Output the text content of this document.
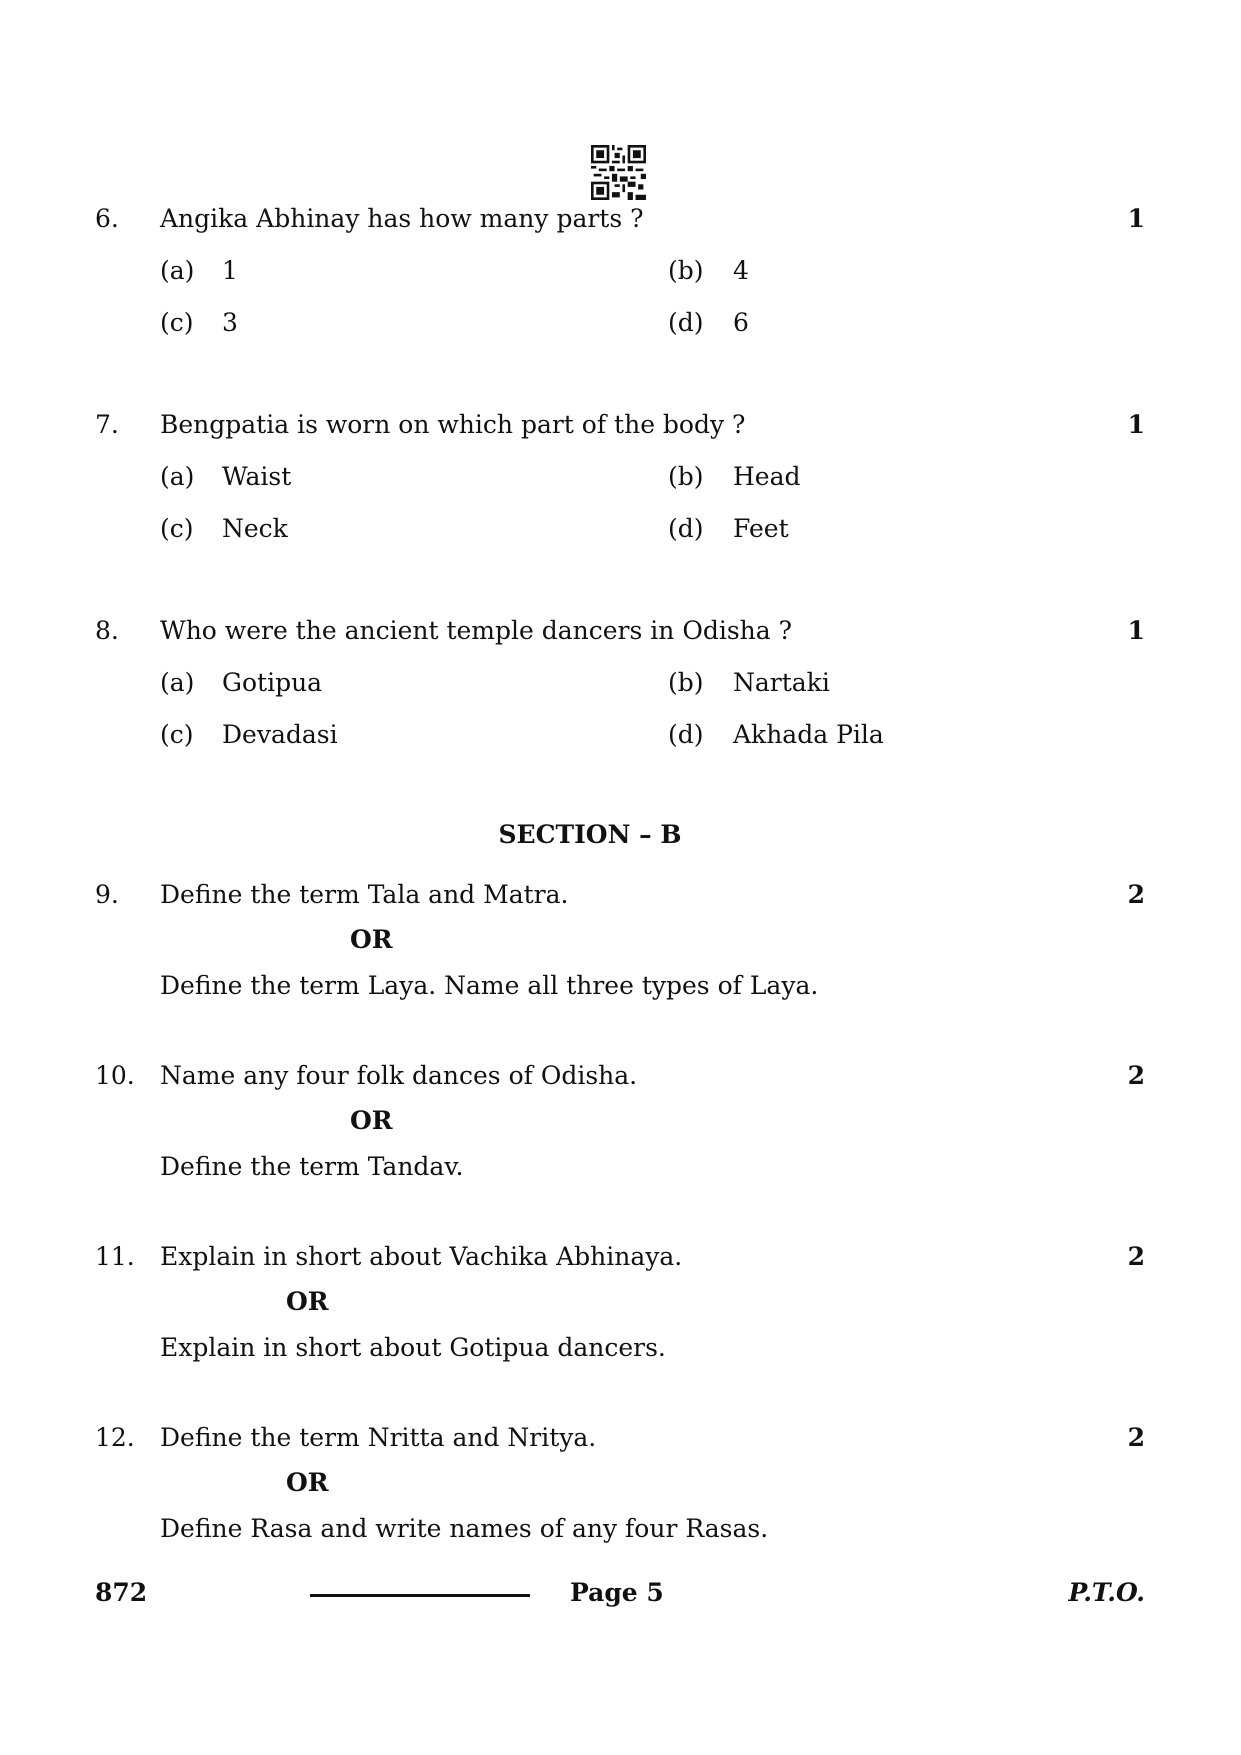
6. Angika Abhinay has how many parts ?	1
(a) 1	(b) 4
(c) 3	(d) 6
7. Bengpatia is worn on which part of the body ?	1
(a) Waist	(b) Head
(c) Neck	(d) Feet
8. Who were the ancient temple dancers in Odisha ?	1
(a) Gotipua	(b) Nartaki
(c) Devadasi	(d) Akhada Pila
SECTION – B
9. Define the term Tala and Matra.	2
OR
Define the term Laya. Name all three types of Laya.
10. Name any four folk dances of Odisha.	2
OR
Define the term Tandav.
11. Explain in short about Vachika Abhinaya.	2
OR
Explain in short about Gotipua dancers.
12. Define the term Nritta and Nritya.	2
OR
Define Rasa and write names of any four Rasas.
872	Page 5	P.T.O.
